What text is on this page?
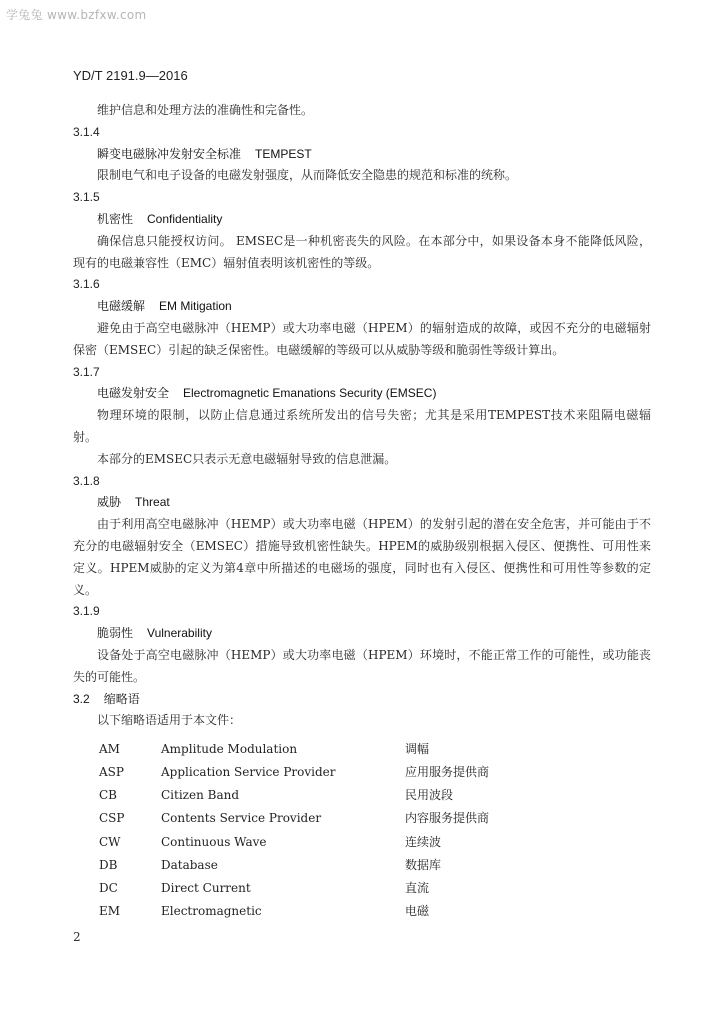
学兔兔 www.bzfxw.com
YD/T 2191.9—2016

维护信息和处理方法的准确性和完备性。

3.1.4

瞬变电磁脉冲发射安全标准 TEMPEST

限制电气和电子设备的电磁发射强度，从而降低安全隐患的规范和标准的统称。

3.1.5

机密性 Confidentiality

确保信息只能授权访问。 EMSEC是一种机密丧失的风险。在本部分中，如果设备本身不能降低风险，现有的电磁兼容性（EMC）辐射值表明该机密性的等级。

3.1.6

电磁缓解 EM Mitigation

避免由于高空电磁脉冲（HEMP）或大功率电磁（HPEM）的辐射造成的故障，或因不充分的电磁辐射保密（EMSEC）引起的缺乏保密性。电磁缓解的等级可以从威胁等级和脆弱性等级计算出。

3.1.7

电磁发射安全 Electromagnetic Emanations Security (EMSEC)

物理环境的限制，以防止信息通过系统所发出的信号失密；尤其是采用TEMPEST技术来阻隔电磁辐射。

本部分的EMSEC只表示无意电磁辐射导致的信息泄漏。

3.1.8

威胁 Threat

由于利用高空电磁脉冲（HEMP）或大功率电磁（HPEM）的发射引起的潜在安全危害，并可能由于不充分的电磁辐射安全（EMSEC）措施导致机密性缺失。HPEM的威胁级别根据入侵区、便携性、可用性来定义。HPEM威胁的定义为第4章中所描述的电磁场的强度，同时也有入侵区、便携性和可用性等参数的定义。

3.1.9

脆弱性 Vulnerability

设备处于高空电磁脉冲（HEMP）或大功率电磁（HPEM）环境时，不能正常工作的可能性，或功能丧失的可能性。

3.2 缩略语

以下缩略语适用于本文件：

AM	Amplitude Modulation	调幅
ASP	Application Service Provider	应用服务提供商
CB	Citizen Band	民用波段
CSP	Contents Service Provider	内容服务提供商
CW	Continuous Wave	连续波
DB	Database	数据库
DC	Direct Current	直流
EM	Electromagnetic	电磁
2
